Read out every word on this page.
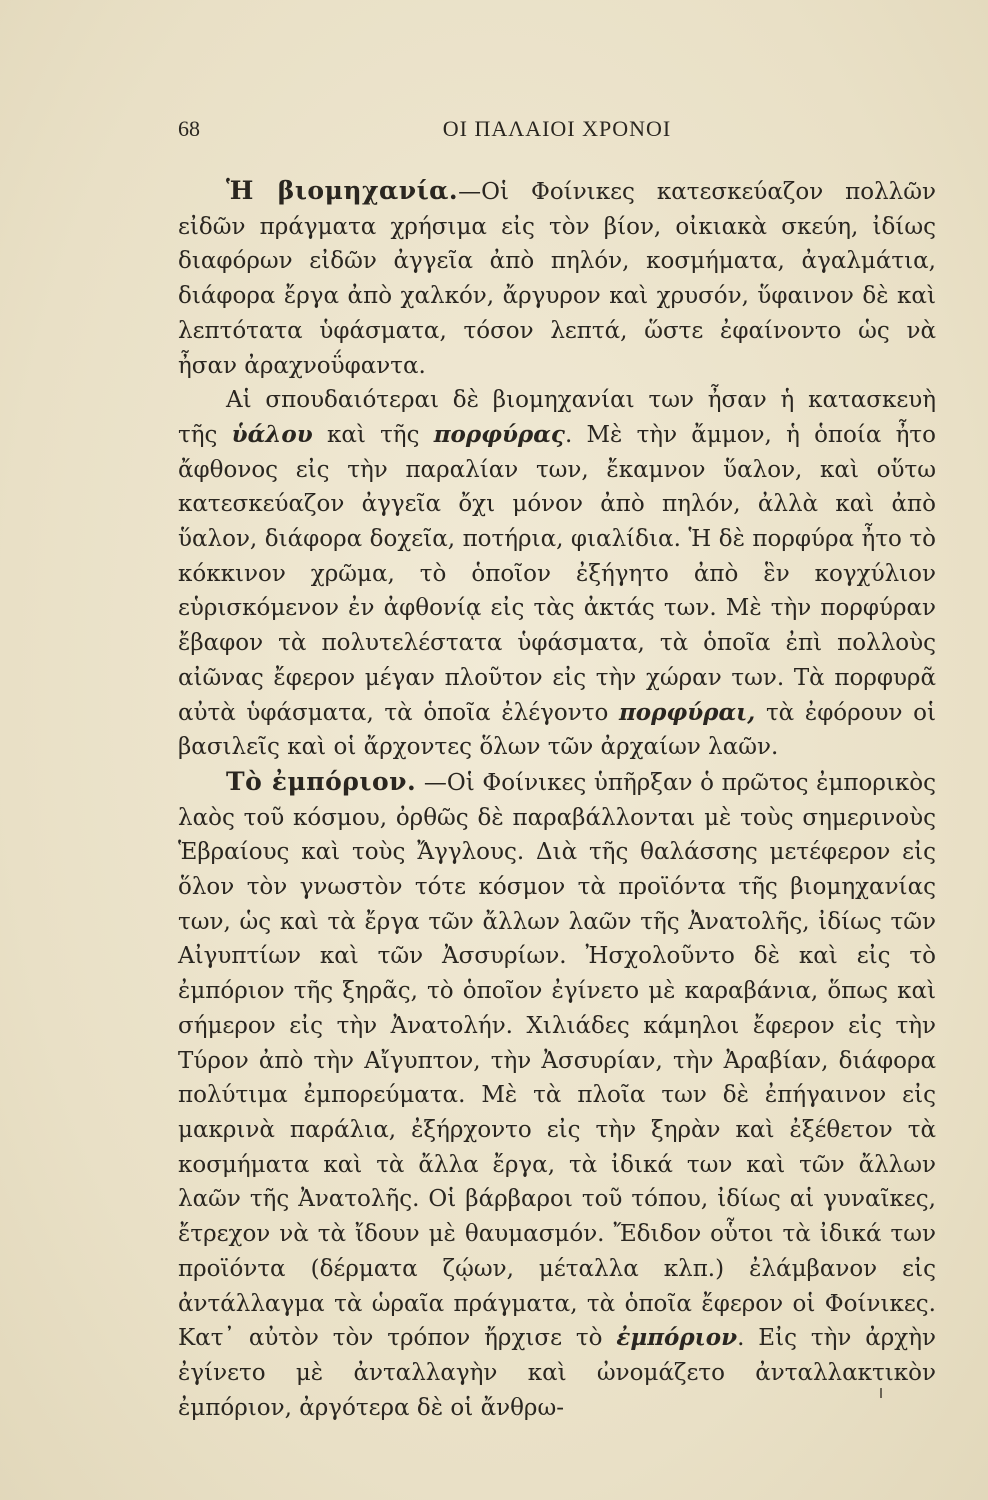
68	ΟΙ ΠΑΛΑΙΟΙ ΧΡΟΝΟΙ

Ἡ βιομηχανία.—Οἱ Φοίνικες κατεσκεύαζον πολλῶν εἰδῶν πράγματα χρήσιμα εἰς τὸν βίον, οἰκιακὰ σκεύη, ἰδίως διαφόρων εἰδῶν ἀγγεῖα ἀπὸ πηλόν, κοσμήματα, ἀγαλμάτια, διάφορα ἔργα ἀπὸ χαλκόν, ἄργυρον καὶ χρυσόν, ὕφαινον δὲ καὶ λεπτότατα ὑφάσματα, τόσον λεπτά, ὥστε ἐφαίνοντο ὡς νὰ ἦσαν ἀραχνοΰφαντα.

Αἱ σπουδαιότεραι δὲ βιομηχανίαι των ἦσαν ἡ κατασκευὴ τῆς ὑάλου καὶ τῆς πορφύρας. Μὲ τὴν ἄμμον, ἡ ὁποία ἦτο ἄφθονος εἰς τὴν παραλίαν των, ἔκαμνον ὕαλον, καὶ οὕτω κατεσκεύαζον ἀγγεῖα ὄχι μόνον ἀπὸ πηλόν, ἀλλὰ καὶ ἀπὸ ὕαλον, διάφορα δοχεῖα, ποτήρια, φιαλίδια. Ἡ δὲ πορφύρα ἦτο τὸ κόκκινον χρῶμα, τὸ ὁποῖον ἐξήγητο ἀπὸ ἓν κογχύλιον εὑρισκόμενον ἐν ἀφθονίᾳ εἰς τὰς ἀκτάς των. Μὲ τὴν πορφύραν ἔβαφον τὰ πολυτελέστατα ὑφάσματα, τὰ ὁποῖα ἐπὶ πολλοὺς αἰῶνας ἔφερον μέγαν πλοῦτον εἰς τὴν χώραν των. Τὰ πορφυρᾶ αὐτὰ ὑφάσματα, τὰ ὁποῖα ἐλέγοντο πορφύραι, τὰ ἐφόρουν οἱ βασιλεῖς καὶ οἱ ἄρχοντες ὅλων τῶν ἀρχαίων λαῶν.

Τὸ ἐμπόριον. —Οἱ Φοίνικες ὑπῆρξαν ὁ πρῶτος ἐμπορικὸς λαὸς τοῦ κόσμου, ὀρθῶς δὲ παραβάλλονται μὲ τοὺς σημερινοὺς Ἑβραίους καὶ τοὺς Ἄγγλους. Διὰ τῆς θαλάσσης μετέφερον εἰς ὅλον τὸν γνωστὸν τότε κόσμον τὰ προϊόντα τῆς βιομηχανίας των, ὡς καὶ τὰ ἔργα τῶν ἄλλων λαῶν τῆς Ἀνατολῆς, ἰδίως τῶν Αἰγυπτίων καὶ τῶν Ἀσσυρίων. Ἠσχολοῦντο δὲ καὶ εἰς τὸ ἐμπόριον τῆς ξηρᾶς, τὸ ὁποῖον ἐγίνετο μὲ καραβάνια, ὅπως καὶ σήμερον εἰς τὴν Ἀνατολήν. Χιλιάδες κάμηλοι ἔφερον εἰς τὴν Τύρον ἀπὸ τὴν Αἴγυπτον, τὴν Ἀσσυρίαν, τὴν Ἀραβίαν, διάφορα πολύτιμα ἐμπορεύματα. Μὲ τὰ πλοῖα των δὲ ἐπήγαινον εἰς μακρινὰ παράλια, ἐξήρχοντο εἰς τὴν ξηρὰν καὶ ἐξέθετον τὰ κοσμήματα καὶ τὰ ἄλλα ἔργα, τὰ ἰδικά των καὶ τῶν ἄλλων λαῶν τῆς Ἀνατολῆς. Οἱ βάρβαροι τοῦ τόπου, ἰδίως αἱ γυναῖκες, ἔτρεχον νὰ τὰ ἴδουν μὲ θαυμασμόν. Ἔδιδον οὗτοι τὰ ἰδικά των προϊόντα (δέρματα ζῴων, μέταλλα κλπ.) ἐλάμβανον εἰς ἀντάλλαγμα τὰ ὡραῖα πράγματα, τὰ ὁποῖα ἔφερον οἱ Φοίνικες. Κατ᾽ αὐτὸν τὸν τρόπον ἤρχισε τὸ ἐμπόριον. Εἰς τὴν ἀρχὴν ἐγίνετο μὲ ἀνταλλαγὴν καὶ ὠνομάζετο ἀνταλλακτικὸν ἐμπόριον, ἀργότερα δὲ οἱ ἄνθρω-
